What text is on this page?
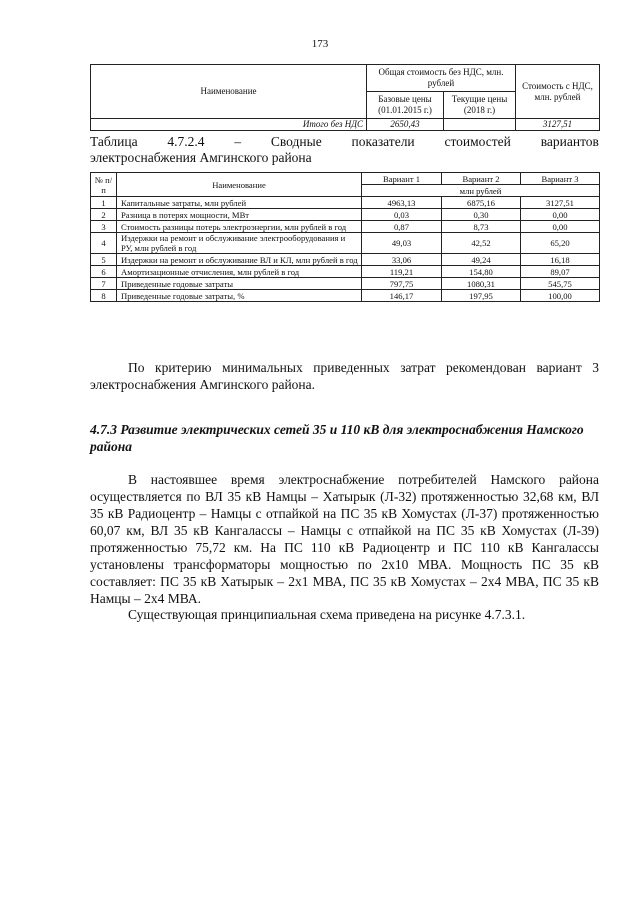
173
Наименование	Общая стоимость без НДС, млн. рублей		Стоимость с НДС, млн. рублей
	Базовые цены (01.01.2015 г.)	Текущие цены (2018 г.)	
Итого без НДС	2650,43		3127,51
Таблица 4.7.2.4 – Сводные показатели стоимостей вариантов
электроснабжения Амгинского района
№ п/п	Наименование	Вариант 1	Вариант 2	Вариант 3
		млн рублей		
1	Капитальные затраты, млн рублей	4963,13	6875,16	3127,51
2	Разница в потерях мощности, МВт	0,03	0,30	0,00
3	Стоимость разницы потерь электроэнергии, млн рублей в год	0,87	8,73	0,00
4	Издержки на ремонт и обслуживание электрооборудования и РУ, млн рублей в год	49,03	42,52	65,20
5	Издержки на ремонт и обслуживание ВЛ и КЛ, млн рублей в год	33,06	49,24	16,18
6	Амортизационные отчисления, млн рублей в год	119,21	154,80	89,07
7	Приведенные годовые затраты	797,75	1080,31	545,75
8	Приведенные годовые затраты, %	146,17	197,95	100,00
По критерию минимальных приведенных затрат рекомендован вариант 3 электроснабжения Амгинского района.
4.7.3 Развитие электрических сетей 35 и 110 кВ для электроснабжения Намского района
В настоявшее время электроснабжение потребителей Намского района осуществляется по ВЛ 35 кВ Намцы – Хатырык (Л-32) протяженностью 32,68 км, ВЛ 35 кВ Радиоцентр – Намцы с отпайкой на ПС 35 кВ Хомустах (Л-37) протяженностью 60,07 км, ВЛ 35 кВ Кангалассы – Намцы с отпайкой на ПС 35 кВ Хомустах (Л-39) протяженностью 75,72 км. На ПС 110 кВ Радиоцентр и ПС 110 кВ Кангалассы установлены трансформаторы мощностью по 2х10 МВА. Мощность ПС 35 кВ составляет: ПС 35 кВ Хатырык – 2х1 МВА, ПС 35 кВ Хомустах – 2х4 МВА, ПС 35 кВ Намцы – 2х4 МВА.
Существующая принципиальная схема приведена на рисунке 4.7.3.1.
